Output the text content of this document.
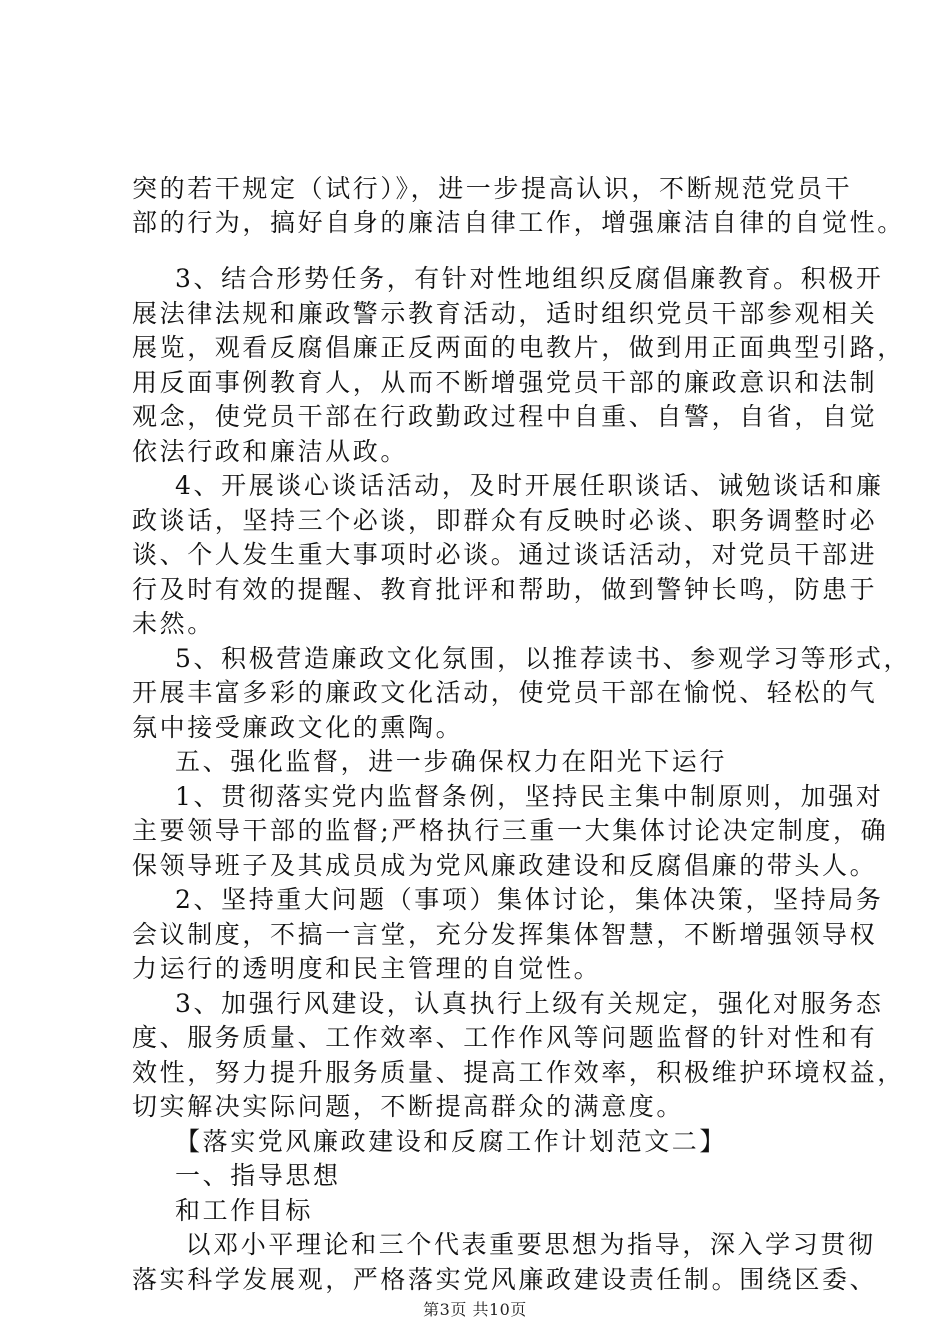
突的若干规定（试行）》，进一步提高认识，不断规范党员干
部的行为，搞好自身的廉洁自律工作，增强廉洁自律的自觉性。
3、结合形势任务，有针对性地组织反腐倡廉教育。积极开
展法律法规和廉政警示教育活动，适时组织党员干部参观相关
展览，观看反腐倡廉正反两面的电教片，做到用正面典型引路，
用反面事例教育人，从而不断增强党员干部的廉政意识和法制
观念，使党员干部在行政勤政过程中自重、自警，自省，自觉
依法行政和廉洁从政。
4、开展谈心谈话活动，及时开展任职谈话、诫勉谈话和廉
政谈话，坚持三个必谈，即群众有反映时必谈、职务调整时必
谈、个人发生重大事项时必谈。通过谈话活动，对党员干部进
行及时有效的提醒、教育批评和帮助，做到警钟长鸣，防患于
未然。
5、积极营造廉政文化氛围，以推荐读书、参观学习等形式，
开展丰富多彩的廉政文化活动，使党员干部在愉悦、轻松的气
氛中接受廉政文化的熏陶。
五、强化监督，进一步确保权力在阳光下运行
1、贯彻落实党内监督条例，坚持民主集中制原则，加强对
主要领导干部的监督;严格执行三重一大集体讨论决定制度，确
保领导班子及其成员成为党风廉政建设和反腐倡廉的带头人。
2、坚持重大问题（事项）集体讨论，集体决策，坚持局务
会议制度，不搞一言堂，充分发挥集体智慧，不断增强领导权
力运行的透明度和民主管理的自觉性。
3、加强行风建设，认真执行上级有关规定，强化对服务态
度、服务质量、工作效率、工作作风等问题监督的针对性和有
效性，努力提升服务质量、提高工作效率，积极维护环境权益，
切实解决实际问题，不断提高群众的满意度。
【落实党风廉政建设和反腐工作计划范文二】
一、指导思想
和工作目标
以邓小平理论和三个代表重要思想为指导，深入学习贯彻
落实科学发展观，严格落实党风廉政建设责任制。围绕区委、
第3页 共10页
